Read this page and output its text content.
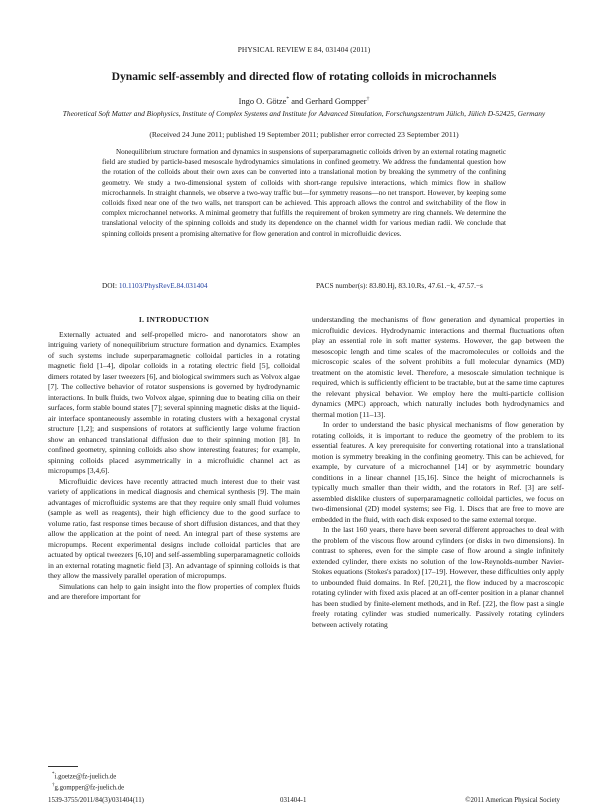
PHYSICAL REVIEW E 84, 031404 (2011)
Dynamic self-assembly and directed flow of rotating colloids in microchannels
Ingo O. Götze* and Gerhard Gompper†
Theoretical Soft Matter and Biophysics, Institute of Complex Systems and Institute for Advanced Simulation, Forschungszentrum Jülich, Jülich D-52425, Germany
(Received 24 June 2011; published 19 September 2011; publisher error corrected 23 September 2011)
Nonequilibrium structure formation and dynamics in suspensions of superparamagnetic colloids driven by an external rotating magnetic field are studied by particle-based mesoscale hydrodynamics simulations in confined geometry. We address the fundamental question how the rotation of the colloids about their own axes can be converted into a translational motion by breaking the symmetry of the confining geometry. We study a two-dimensional system of colloids with short-range repulsive interactions, which mimics flow in shallow microchannels. In straight channels, we observe a two-way traffic but—for symmetry reasons—no net transport. However, by keeping some colloids fixed near one of the two walls, net transport can be achieved. This approach allows the control and switchability of the flow in complex microchannel networks. A minimal geometry that fulfills the requirement of broken symmetry are ring channels. We determine the translational velocity of the spinning colloids and study its dependence on the channel width for various median radii. We conclude that spinning colloids present a promising alternative for flow generation and control in microfluidic devices.
DOI: 10.1103/PhysRevE.84.031404	PACS number(s): 83.80.Hj, 83.10.Rs, 47.61.−k, 47.57.−s
I. INTRODUCTION

Externally actuated and self-propelled micro- and nanorotators show an intriguing variety of nonequilibrium structure formation and dynamics. Examples of such systems include superparamagnetic colloidal particles in a rotating magnetic field [1–4], dipolar colloids in a rotating electric field [5], colloidal dimers rotated by laser tweezers [6], and biological swimmers such as Volvox algae [7]. The collective behavior of rotator suspensions is governed by hydrodynamic interactions. In bulk fluids, two Volvox algae, spinning due to beating cilia on their surfaces, form stable bound states [7]; several spinning magnetic disks at the liquid-air interface spontaneously assemble in rotating clusters with a hexagonal crystal structure [1,2]; and suspensions of rotators at sufficiently large volume fraction show an enhanced translational diffusion due to their spinning motion [8]. In confined geometry, spinning colloids also show interesting features; for example, spinning colloids placed asymmetrically in a microfluidic channel act as micropumps [3,4,6].

Microfluidic devices have recently attracted much interest due to their vast variety of applications in medical diagnosis and chemical synthesis [9]. The main advantages of microfluidic systems are that they require only small fluid volumes (sample as well as reagents), their high efficiency due to the good surface to volume ratio, fast response times because of short diffusion distances, and that they allow the application at the point of need. An integral part of these systems are micropumps. Recent experimental designs include colloidal particles that are actuated by optical tweezers [6,10] and self-assembling superparamagnetic colloids in an external rotating magnetic field [3]. An advantage of spinning colloids is that they allow the massively parallel operation of micropumps.

Simulations can help to gain insight into the flow properties of complex fluids and are therefore important for

understanding the mechanisms of flow generation and dynamical properties in microfluidic devices. Hydrodynamic interactions and thermal fluctuations often play an essential role in soft matter systems. However, the gap between the mesoscopic length and time scales of the macromolecules or colloids and the microscopic scales of the solvent prohibits a full molecular dynamics (MD) treatment on the atomistic level. Therefore, a mesoscale simulation technique is required, which is sufficiently efficient to be tractable, but at the same time captures the relevant physical behavior. We employ here the multi-particle collision dynamics (MPC) approach, which naturally includes both hydrodynamics and thermal motion [11–13].

In order to understand the basic physical mechanisms of flow generation by rotating colloids, it is important to reduce the geometry of the problem to its essential features. A key prerequisite for converting rotational into a translational motion is symmetry breaking in the confining geometry. This can be achieved, for example, by curvature of a microchannel [14] or by asymmetric boundary conditions in a linear channel [15,16]. Since the height of microchannels is typically much smaller than their width, and the rotators in Ref. [3] are self-assembled disklike clusters of superparamagnetic colloidal particles, we focus on two-dimensional (2D) model systems; see Fig. 1. Discs that are free to move are embedded in the fluid, with each disk exposed to the same external torque.

In the last 160 years, there have been several different approaches to deal with the problem of the viscous flow around cylinders (or disks in two dimensions). In contrast to spheres, even for the simple case of flow around a single infinitely extended cylinder, there exists no solution of the low-Reynolds-number Navier-Stokes equations (Stokes's paradox) [17–19]. However, these difficulties only apply to unbounded fluid domains. In Ref. [20,21], the flow induced by a macroscopic rotating cylinder with fixed axis placed at an off-center position in a planar channel has been studied by finite-element methods, and in Ref. [22], the flow past a single freely rotating cylinder was studied numerically. Passively rotating cylinders between actively rotating

*i.goetze@fz-juelich.de
†g.gompper@fz-juelich.de
1539-3755/2011/84(3)/031404(11)	031404-1	©2011 American Physical Society
